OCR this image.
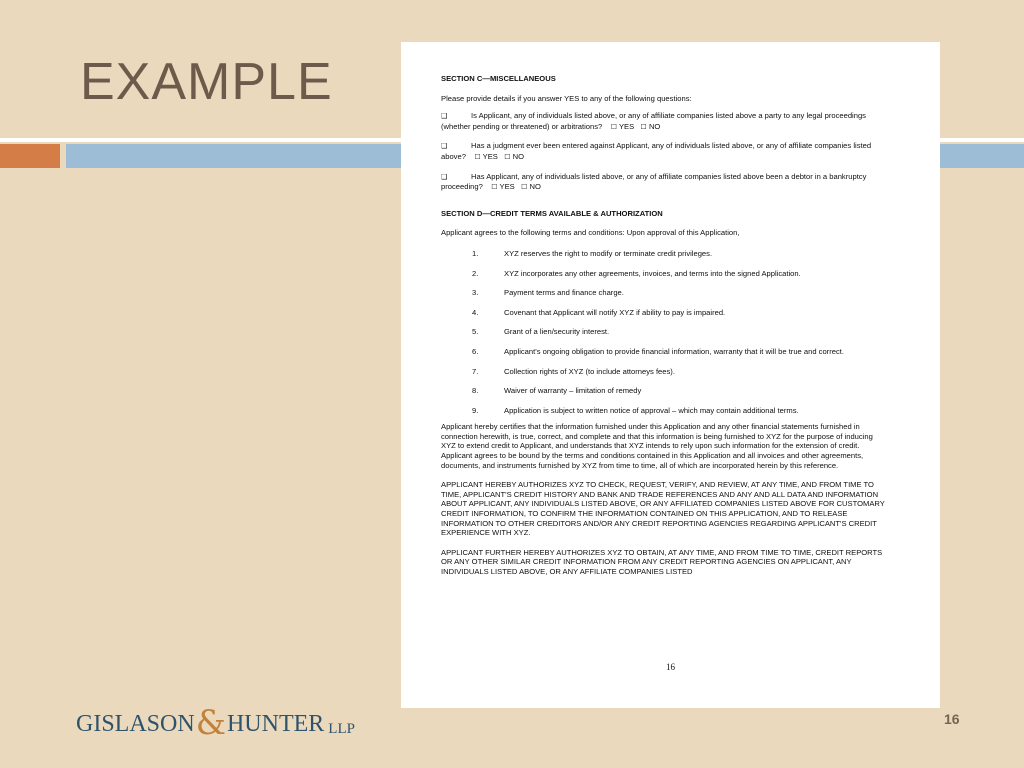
EXAMPLE	SECTION C—MISCELLANEOUS
Please provide details if you answer YES to any of the following questions:
❑	Is Applicant, any of individuals listed above, or any of affiliate companies listed above a party to any legal proceedings (whether pending or threatened) or arbitrations? ☐ YES ☐ NO
❑	Has a judgment ever been entered against Applicant, any of individuals listed above, or any of affiliate companies listed above? ☐ YES ☐ NO
❑	Has Applicant, any of individuals listed above, or any of affiliate companies listed above been a debtor in a bankruptcy proceeding? ☐ YES ☐ NO
SECTION D—CREDIT TERMS AVAILABLE & AUTHORIZATION
Applicant agrees to the following terms and conditions: Upon approval of this Application,
1.	XYZ reserves the right to modify or terminate credit privileges.
2.	XYZ incorporates any other agreements, invoices, and terms into the signed Application.
3.	Payment terms and finance charge.
4.	Covenant that Applicant will notify XYZ if ability to pay is impaired.
5.	Grant of a lien/security interest.
6.	Applicant's ongoing obligation to provide financial information, warranty that it will be true and correct.
7.	Collection rights of XYZ (to include attorneys fees).
8.	Waiver of warranty – limitation of remedy
9.	Application is subject to written notice of approval – which may contain additional terms.
Applicant hereby certifies that the information furnished under this Application and any other financial statements furnished in connection herewith, is true, correct, and complete and that this information is being furnished to XYZ for the purpose of inducing XYZ to extend credit to Applicant, and understands that XYZ intends to rely upon such information for the extension of credit. Applicant agrees to be bound by the terms and conditions contained in this Application and all invoices and other agreements, documents, and instruments furnished by XYZ from time to time, all of which are incorporated herein by this reference.
APPLICANT HEREBY AUTHORIZES XYZ TO CHECK, REQUEST, VERIFY, AND REVIEW, AT ANY TIME, AND FROM TIME TO TIME, APPLICANT'S CREDIT HISTORY AND BANK AND TRADE REFERENCES AND ANY AND ALL DATA AND INFORMATION ABOUT APPLICANT, ANY INDIVIDUALS LISTED ABOVE, OR ANY AFFILIATED COMPANIES LISTED ABOVE FOR CUSTOMARY CREDIT INFORMATION, TO CONFIRM THE INFORMATION CONTAINED ON THIS APPLICATION, AND TO RELEASE INFORMATION TO OTHER CREDITORS AND/OR ANY CREDIT REPORTING AGENCIES REGARDING APPLICANT'S CREDIT EXPERIENCE WITH XYZ.
APPLICANT FURTHER HEREBY AUTHORIZES XYZ TO OBTAIN, AT ANY TIME, AND FROM TIME TO TIME, CREDIT REPORTS OR ANY OTHER SIMILAR CREDIT INFORMATION FROM ANY CREDIT REPORTING AGENCIES ON APPLICANT, ANY INDIVIDUALS LISTED ABOVE, OR ANY AFFILIATE COMPANIES LISTED
16
GISLASON & HUNTER LLP
16
